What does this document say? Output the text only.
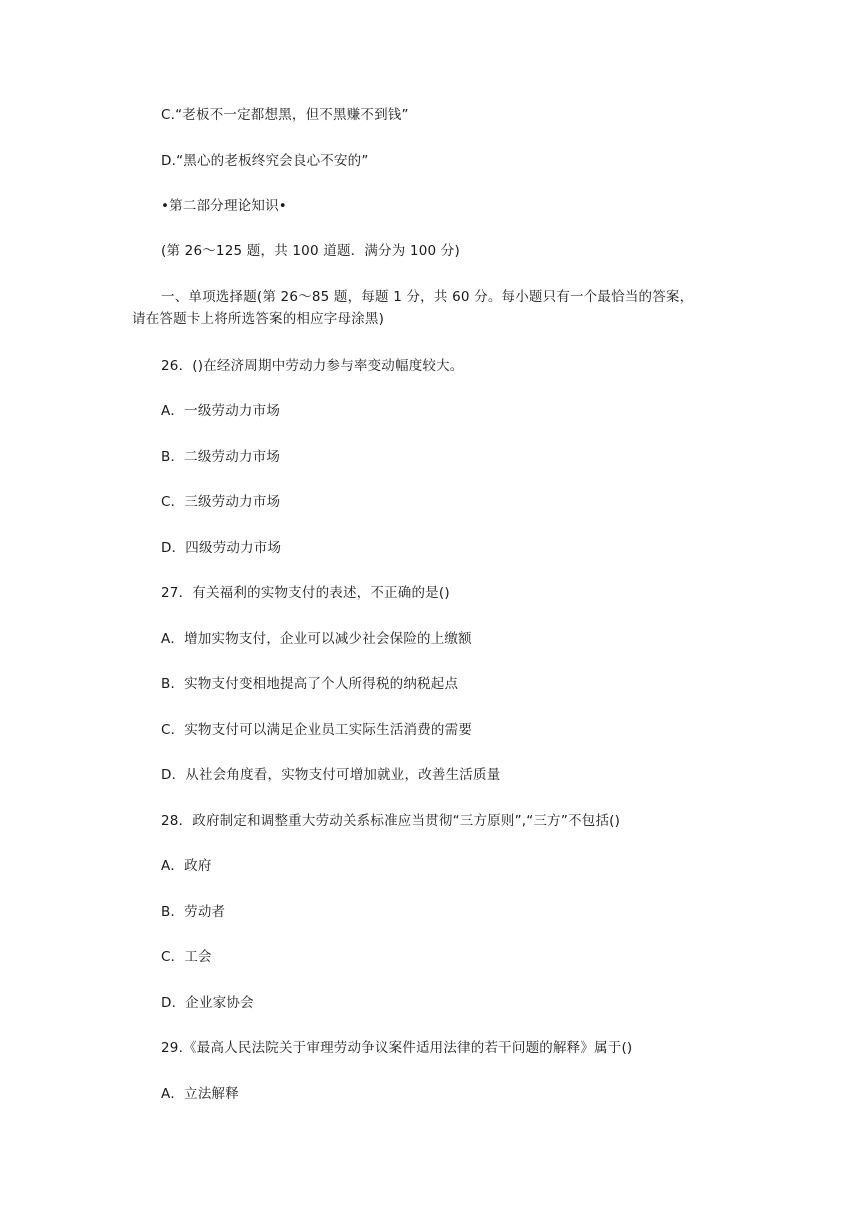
C.“老板不一定都想黑，但不黑赚不到钱”
D.“黑心的老板终究会良心不安的”
•第二部分理论知识•
(第 26～125 题，共 100 道题．满分为 100 分)
一、单项选择题(第 26～85 题，每题 1 分，共 60 分。每小题只有一个最恰当的答案，
请在答题卡上将所选答案的相应字母涂黑)
26．()在经济周期中劳动力参与率变动幅度较大。
A．一级劳动力市场
B．二级劳动力市场
C．三级劳动力市场
D．四级劳动力市场
27．有关福利的实物支付的表述，不正确的是()
A．增加实物支付，企业可以减少社会保险的上缴额
B．实物支付变相地提高了个人所得税的纳税起点
C．实物支付可以满足企业员工实际生活消费的需要
D．从社会角度看，实物支付可增加就业，改善生活质量
28．政府制定和调整重大劳动关系标准应当贯彻“三方原则”,“三方”不包括()
A．政府
B．劳动者
C．工会
D．企业家协会
29.《最高人民法院关于审理劳动争议案件适用法律的若干问题的解释》属于()
A．立法解释
